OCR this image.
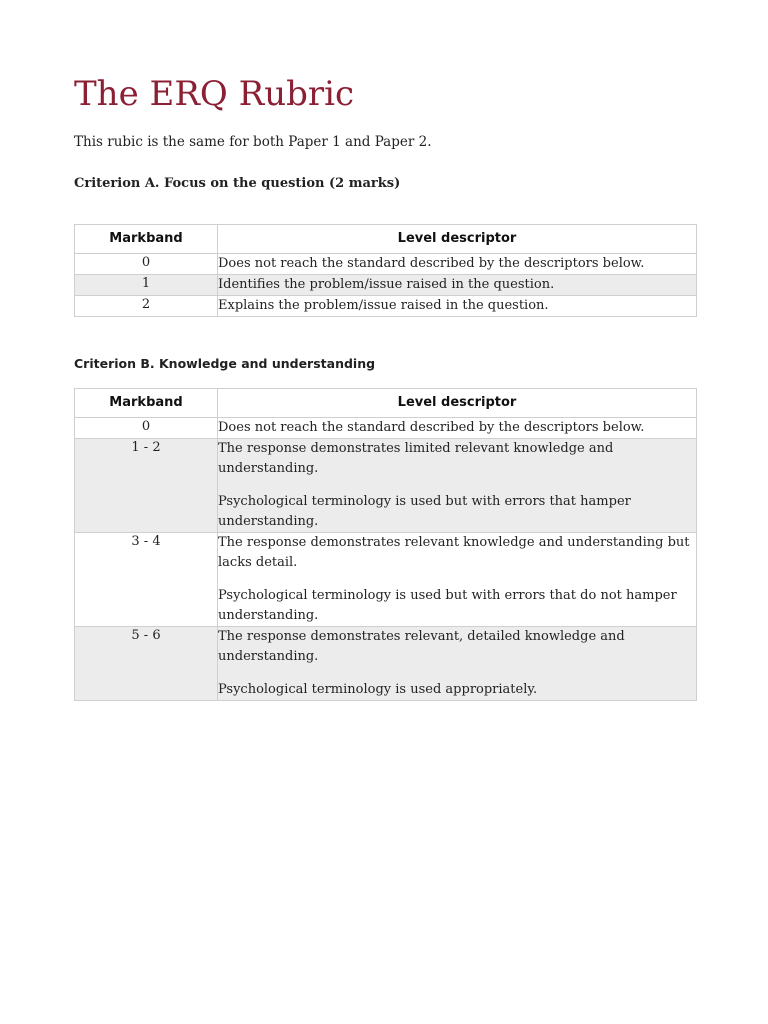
The ERQ Rubric

This rubic is the same for both Paper 1 and Paper 2.

Criterion A. Focus on the question (2 marks)

Markband	Level descriptor
0	Does not reach the standard described by the descriptors below.

1	Identifies the problem/issue raised in the question.

2	Explains the problem/issue raised in the question.

Criterion B. Knowledge and understanding

Markband	Level descriptor
0	Does not reach the standard described by the descriptors below.

1 - 2	The response demonstrates limited relevant knowledge and understanding.

Psychological terminology is used but with errors that hamper understanding.

3 - 4	The response demonstrates relevant knowledge and understanding but lacks detail.

Psychological terminology is used but with errors that do not hamper understanding.

5 - 6	The response demonstrates relevant, detailed knowledge and understanding.

Psychological terminology is used appropriately.
